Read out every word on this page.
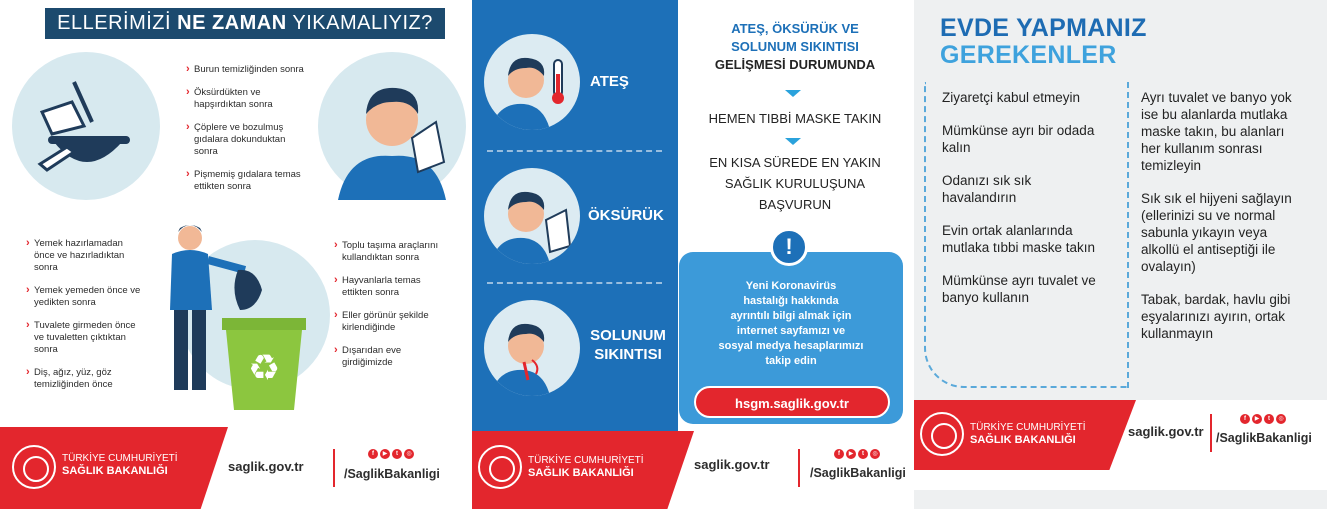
ELLERİMİZİ NE ZAMAN YIKAMALIYIZ?
› Burun temizliğinden sonra
› Öksürdükten ve hapşırdıktan sonra
› Çöplere ve bozulmuş gıdalara dokunduktan sonra
› Pişmemiş gıdalara temas ettikten sonra
› Yemek hazırlamadan önce ve hazırladıktan sonra
› Yemek yemeden önce ve yedikten sonra
› Tuvalete girmeden önce ve tuvaletten çıktıktan sonra
› Diş, ağız, yüz, göz temizliğinden önce	♻
› Toplu taşıma araçlarını kullandıktan sonra
› Hayvanlarla temas ettikten sonra
› Eller görünür şekilde kirlendiğinde
› Dışarıdan eve girdiğimizde
TÜRKİYE CUMHURİYETİ
SAĞLIK BAKANLIĞI	saglik.gov.tr
f	▶	t	◎
/SaglikBakanligi
ATEŞ
ÖKSÜRÜK
SOLUNUM SIKINTISI
ATEŞ, ÖKSÜRÜK VE
SOLUNUM SIKINTISI
GELİŞMESİ DURUMUNDA
HEMEN TIBBİ MASKE TAKIN
EN KISA SÜREDE EN YAKIN
SAĞLIK KURULUŞUNA
BAŞVURUN
!
Yeni Koronavirüs
hastalığı hakkında
ayrıntılı bilgi almak için
internet sayfamızı ve
sosyal medya hesaplarımızı
takip edin
hsgm.saglik.gov.tr
TÜRKİYE CUMHURİYETİ
SAĞLIK BAKANLIĞI
saglik.gov.tr
f	▶	t	◎
/SaglikBakanligi
EVDE YAPMANIZ
GEREKENLER
Ziyaretçi kabul etmeyin
Mümkünse ayrı bir odada kalın
Odanızı sık sık havalandırın
Evin ortak alanlarında mutlaka tıbbi maske takın
Mümkünse ayrı tuvalet ve banyo kullanın
Ayrı tuvalet ve banyo yok ise bu alanlarda mutlaka maske takın, bu alanları her kullanım sonrası temizleyin
Sık sık el hijyeni sağlayın (ellerinizi su ve normal sabunla yıkayın veya alkollü el antiseptiği ile ovalayın)
Tabak, bardak, havlu gibi eşyalarınızı ayırın, ortak kullanmayın
TÜRKİYE CUMHURİYETİ
SAĞLIK BAKANLIĞI
saglik.gov.tr
f	▶	t	◎
/SaglikBakanligi
